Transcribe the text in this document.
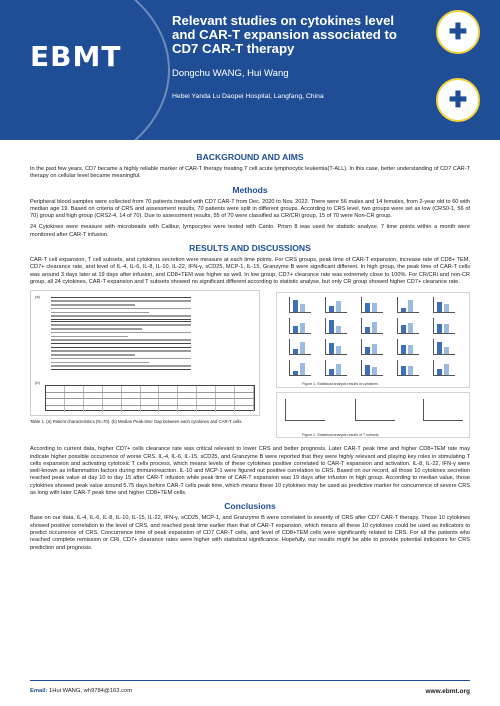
EBMT
Relevant studies on cytokines level and CAR-T expansion associated to CD7 CAR-T therapy
Dongchu WANG, Hui Wang
Hebei Yanda Lu Daopei Hospital, Langfang, China
✚
✚
BACKGROUND AND AIMS
In the past few years, CD7 became a highly reliable marker of CAR-T therapy treating T cell acute lymphocytic leukemia(T-ALL). In this case, better understanding of CD7 CAR-T therapy on cellular level became meaningful.
Methods
Peripheral blood samples were collected from 70 patients treated with CD7 CAR-T from Dec. 2020 to Nov. 2022. There were 56 males and 14 females, from 2-year old to 60 with median age 19. Based on criteria of CRS and assessment results, 70 patients were split in different groups. According to CRS level, two groups were set as low (CRS0-1, 56 of 70) group and high group (CRS2-4, 14 of 70). Due to assessment results, 55 of 70 were classified as CR/CRi group, 15 of 70 were Non-CR group.
24 Cytokines were measure with microbeads with Calibur, lympocytes were tested with Canto. Prism 8 was used for statistic analyse. 7 time points within a month were monitored after CAR-T infusion.
RESULTS AND DISCUSSIONS
CAR-T cell expansion, T cell subsets, and cytokines secretion were measure at each time points. For CRS groups, peak time of CAR-T expansion, increase rate of CD8+ TEM, CD7+ clearance rate, and level of IL-4, IL-6, IL-8, IL-10, IL-22, IFN-γ, sCD25, MCP-1, IL-15, Granzyme B were significant different. In high group, the peak time of CAR-T cells was around 3 days later at 19 days after infusion, and CD8+TEM was higher as well. In low group, CD7+ clearance rate was extremely close to 100%. For CR/CRi and non-CR group, all 24 cytokines, CAR-T expansion and T subsets showed no significant different according to statistic analyse, but only CR group showed higher CD7+ clearance rate.
(a)
(b)
Table 1. (a) Patient characteristics (N=70). (b) Median Peak-time Gap between each cytokines and CAR-T cells.
Figure 1. Statistical analysis results of cytokines
Figure 2. Statistical analysis results of T subsets
According to current data, higher CD7+ cells clearance rate was critical relevant to lower CRS and better prognosis. Later CAR-T peak time and higher CD8+TEM rate may indicate higher possible occurrence of worse CRS. IL-4, IL-6, IL-15, sCD25, and Granzyme B were reported that they were highly relevant and playing key roles in stimulating T cells expansion and activating cytotoxic T cells process, which means levels of these cytokines positive correlated to CAR-T expansion and activation. IL-8, IL-22, IFN-γ were well-known as inflammation factors during immunoreaction. IL-10 and MCP-1 were figured out positive correlation to CRS. Based on our record, all those 10 cytokines secretion reached peak value at day 10 to day 15 after CAR-T infusion while peak time of CAR-T expansion was 19 days after infusion in high group. According to median value, those cytokines showed peak value around 5.75 days before CAR-T cells peak time, which means these 10 cytokines may be used as predictive marker for concurrence of severe CRS as long with later CAR-T peak time and higher CD8+TEM cells.
Conclusions
Base on our data, IL-4, IL-6, IL-8, IL-10, IL-15, IL-22, IFN-γ, sCD25, MCP-1, and Granzyme B were correlated to severity of CRS after CD7 CAR-T therapy. Those 10 cytokines showed positive correlation to the level of CRS, and reached peak time earlier than that of CAR-T expansion, which means all these 10 cytokines could be used as indicators to predict occurrence of CRS. Concurrence time of peak expansion of CD7 CAR-T cells, and level of CD8+TEM cells were significantly related to CRS. For all the patients who reached complete remission or CRi, CD7+ clearance rates were higher with statistical significance. Hopefully, our results might be able to provide potential indicators for CRS prediction and prognosis.
Email: 1Hui WANG, wh9784@163.com	www.ebmt.org
